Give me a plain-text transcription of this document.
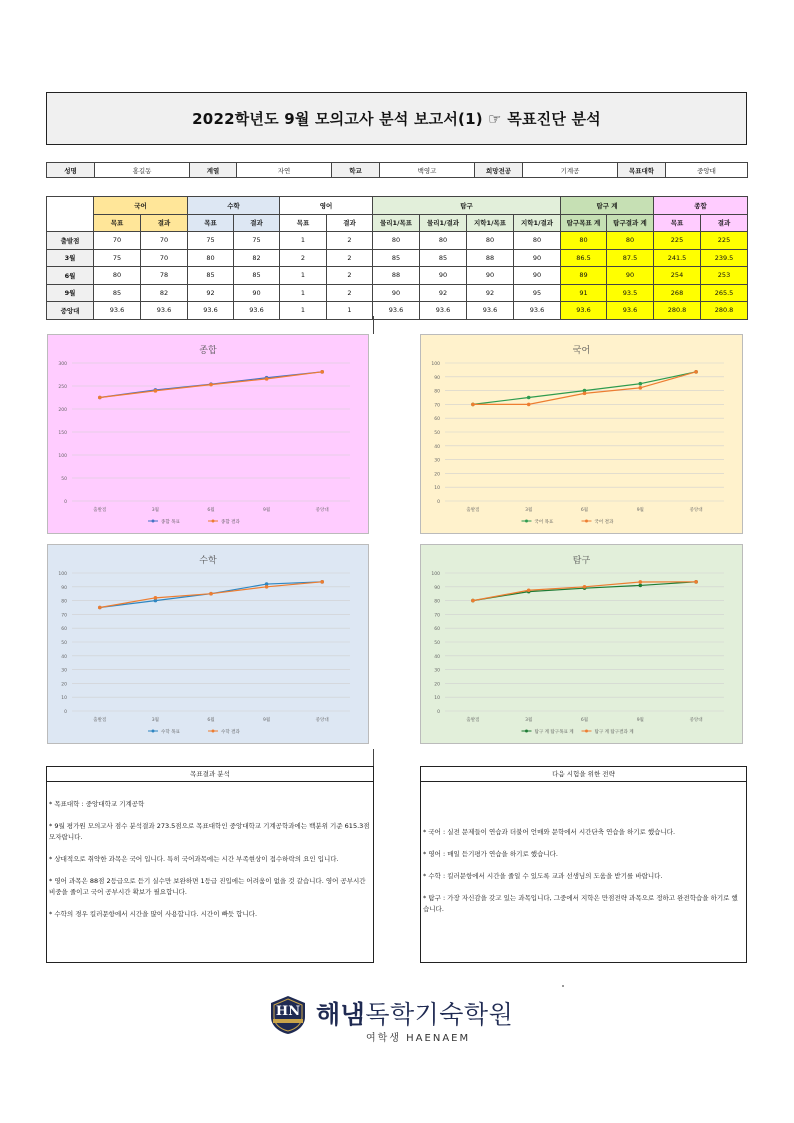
2022학년도 9월 모의고사 분석 보고서(1) ☞ 목표진단 분석
성명	홍길동	계열	자연	학교	백영고	희망전공	기계공	목표대학	중앙대
	국어		수학		영어		탐구				탐구 계		종합	
	목표	결과	목표	결과	목표	결과	물리1/목표	물리1/결과	지학1/목표	지학1/결과	탐구목표 계	탐구결과 계	목표	결과
출발점	70	70	75	75	1	2	80	80	80	80	80	80	225	225
3월	75	70	80	82	2	2	85	85	88	90	86.5	87.5	241.5	239.5
6월	80	78	85	85	1	2	88	90	90	90	89	90	254	253
9월	85	82	92	90	1	2	90	92	92	95	91	93.5	268	265.5
중앙대	93.6	93.6	93.6	93.6	1	1	93.6	93.6	93.6	93.6	93.6	93.6	280.8	280.8
종합
0
50
100
150
200
250
300
출발점	3월	6월	9월	중앙대
종합 목표	종합 결과
국어
0
10
20
30
40
50
60
70
80
90
100
출발점	3월	6월	9월	중앙대
국어 목표	국어 결과
수학
0
10
20
30
40
50
60
70
80
90
100
출발점	3월	6월	9월	중앙대
수학 목표	수학 결과
탐구
0
10
20
30
40
50
60
70
80
90
100
출발점	3월	6월	9월	중앙대
탐구 계 탐구목표 계	탐구 계 탐구결과 계
목표결과 분석

* 목표대학 : 중앙대학교 기계공학

* 9월 평가원 모의고사 점수 분석결과 273.5점으로 목표대학인 중앙대학교 기계공학과에는 백분위 기준 615.3점 모자랍니다.

* 상대적으로 취약한 과목은 국어 입니다. 특히 국어과목에는 시간 부족현상이 접수하락의 요인 입니다.

* 영어 과목은 88점 2등급으로 듣기 실수만 보완하면 1등급 진입에는 어려움이 없을 것 같습니다. 영어 공부시간 비중을 줄이고 국어 공부시간 확보가 필요합니다.

* 수학의 경우 킬러문항에서 시간을 많이 사용합니다. 시간이 빠듯 합니다.

다음 시험을 위한 전략

* 국어 : 실전 문제들이 연습과 더불어 언매와 문학에서 시간단축 연습을 하기로 했습니다.

* 영어 : 매일 듣기평가 연습을 하기로 했습니다.

* 수학 : 킬러문항에서 시간을 줄일 수 있도록 교과 선생님의 도움을 받기를 바랍니다.

* 탐구 : 가장 자신감을 갖고 있는 과목입니다, 그중에서 지학은 만점전략 과목으로 정하고 완전학습을 하기로 했습니다.

HN 해냄독학기숙학원
여학생 HAENAEM
